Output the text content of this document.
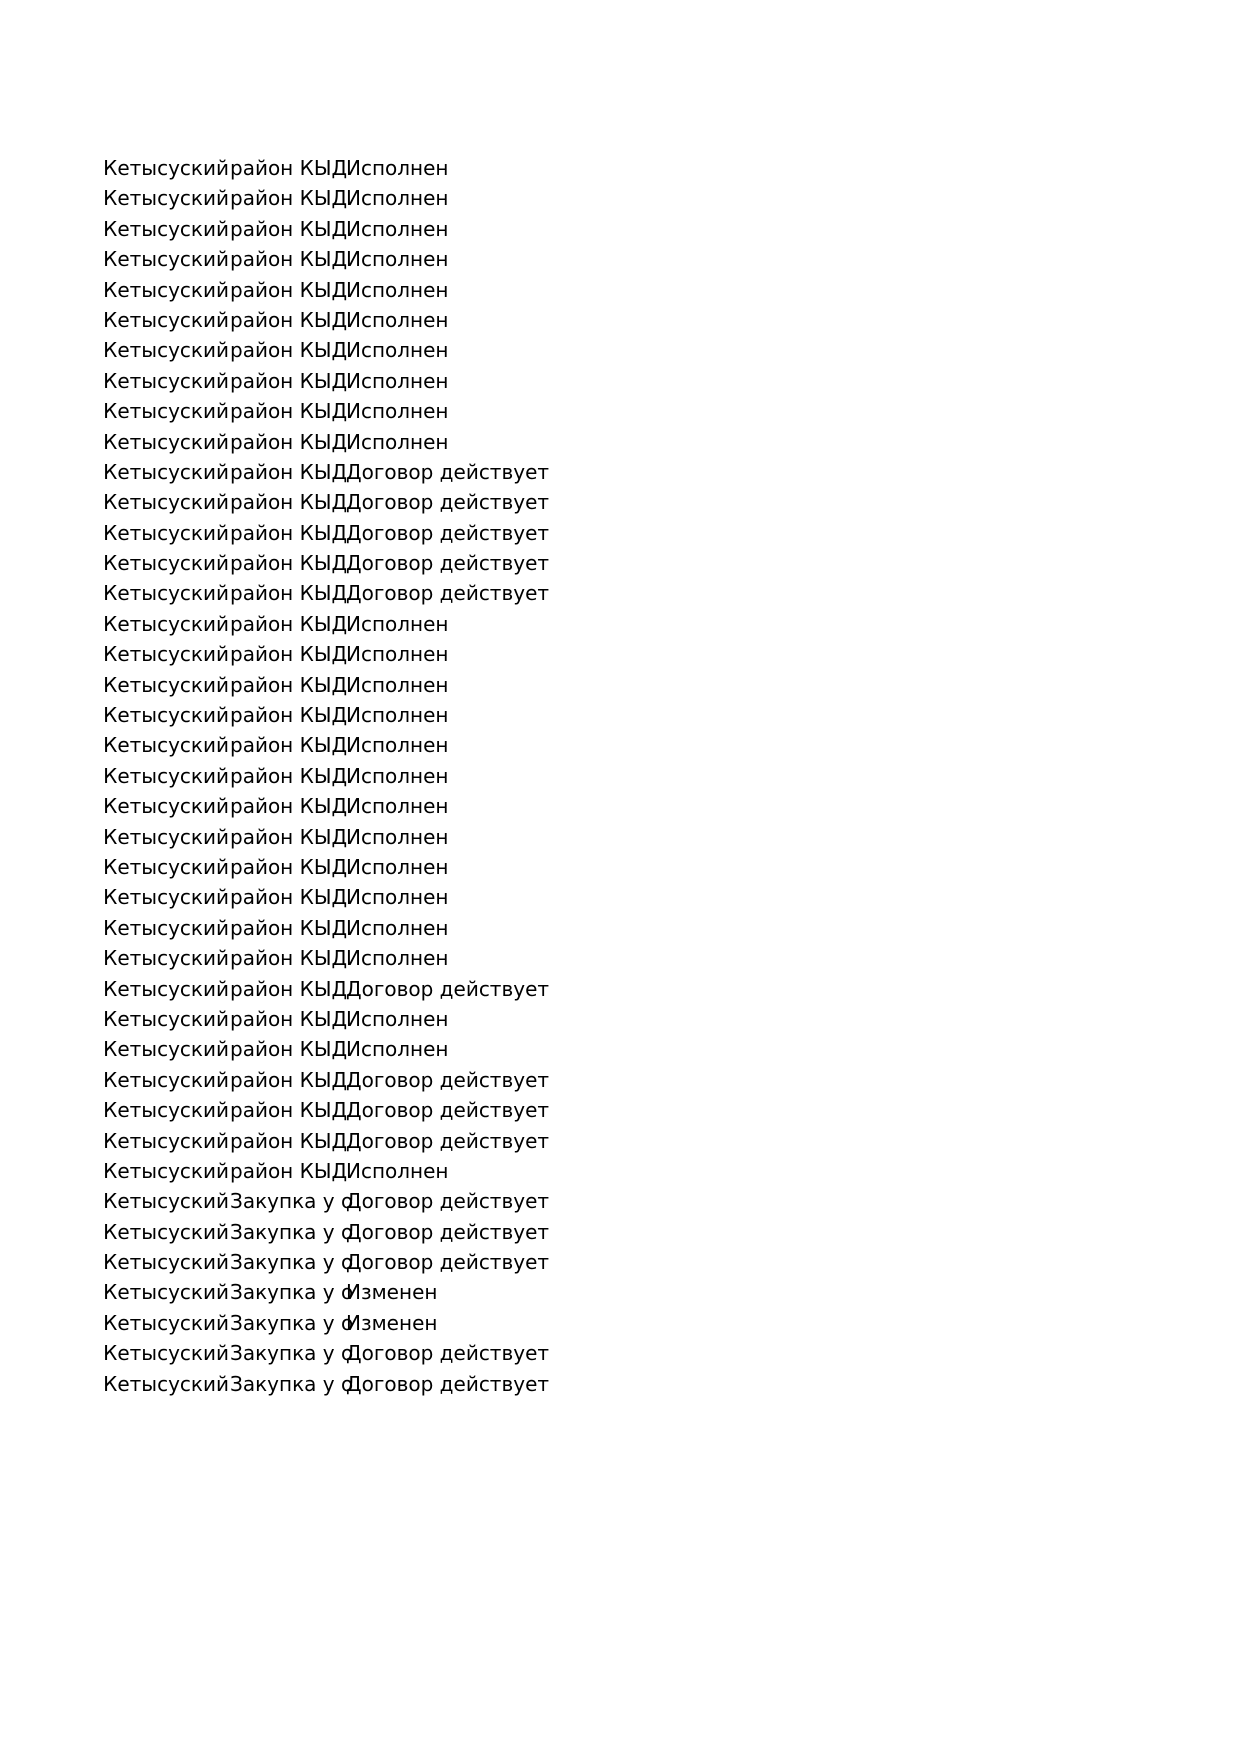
Кетысуский район КЫД
Исполнен
Кетысуский район КЫД
Исполнен
Кетысуский район КЫД
Исполнен
Кетысуский район КЫД
Исполнен
Кетысуский район КЫД
Исполнен
Кетысуский район КЫД
Исполнен
Кетысуский район КЫД
Исполнен
Кетысуский район КЫД
Исполнен
Кетысуский район КЫД
Исполнен
Кетысуский район КЫД
Исполнен
Кетысуский район КЫД
Договор действует
Кетысуский район КЫД
Договор действует
Кетысуский район КЫД
Договор действует
Кетысуский район КЫД
Договор действует
Кетысуский район КЫД
Договор действует
Кетысуский район КЫД
Исполнен
Кетысуский район КЫД
Исполнен
Кетысуский район КЫД
Исполнен
Кетысуский район КЫД
Исполнен
Кетысуский район КЫД
Исполнен
Кетысуский район КЫД
Исполнен
Кетысуский район КЫД
Исполнен
Кетысуский район КЫД
Исполнен
Кетысуский район КЫД
Исполнен
Кетысуский район КЫД
Исполнен
Кетысуский район КЫД
Исполнен
Кетысуский район КЫД
Исполнен
Кетысуский район КЫД
Договор действует
Кетысуский район КЫД
Исполнен
Кетысуский район КЫД
Исполнен
Кетысуский район КЫД
Договор действует
Кетысуский район КЫД
Договор действует
Кетысуский район КЫД
Договор действует
Кетысуский район КЫД
Исполнен
Кетысуский Закупка у о
Договор действует
Кетысуский Закупка у о
Договор действует
Кетысуский Закупка у о
Договор действует
Кетысуский Закупка у о
Изменен
Кетысуский Закупка у о
Изменен
Кетысуский Закупка у о
Договор действует
Кетысуский Закупка у о
Договор действует
